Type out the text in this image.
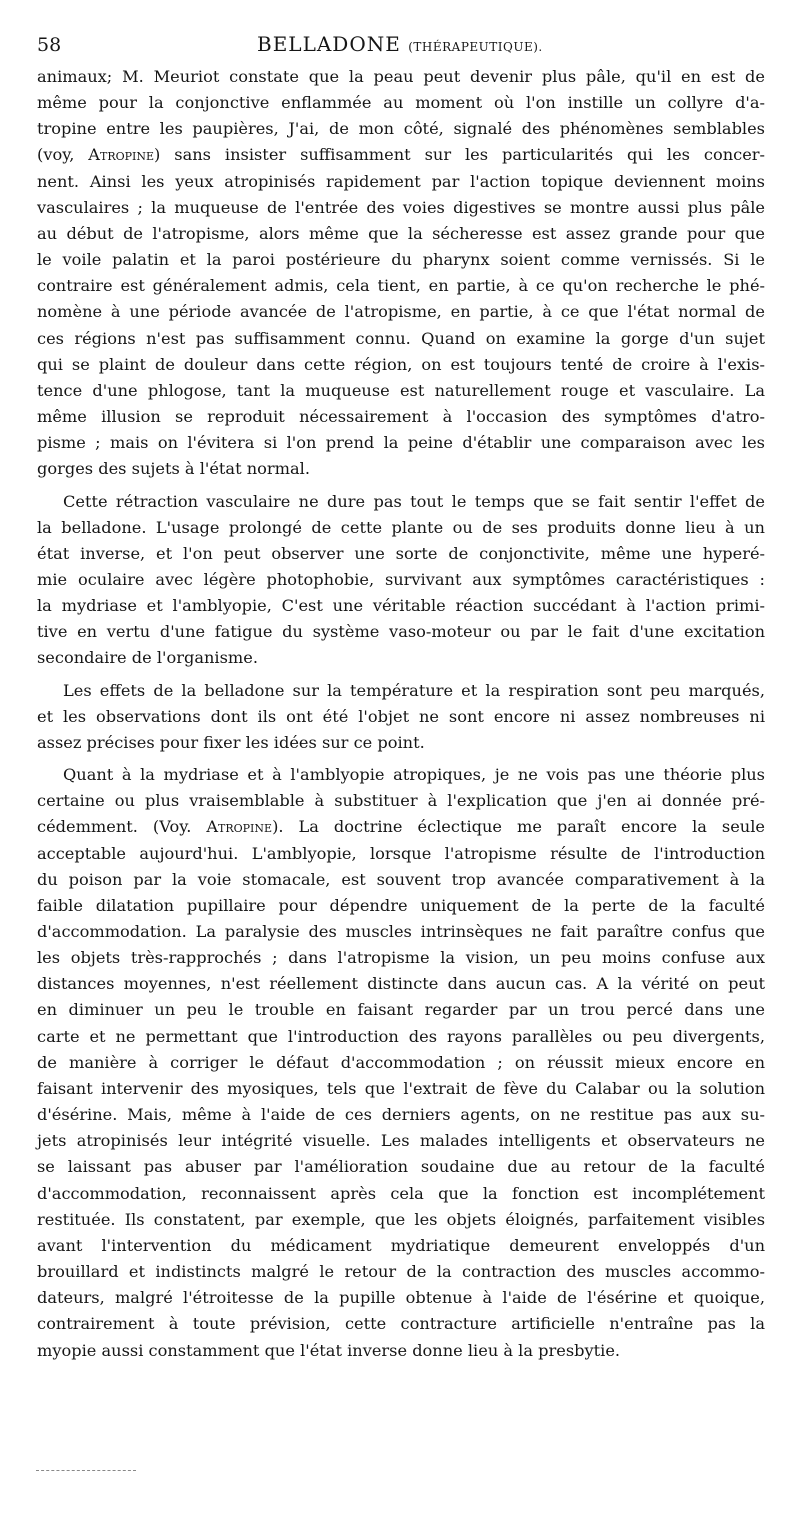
58	BELLADONE (THÉRAPEUTIQUE).
animaux; M. Meuriot constate que la peau peut devenir plus pâle, qu'il en est de
même pour la conjonctive enflammée au moment où l'on instille un collyre d'a-
tropine entre les paupières, J'ai, de mon côté, signalé des phénomènes semblables
(voy, Atropine) sans insister suffisamment sur les particularités qui les concer-
nent. Ainsi les yeux atropinisés rapidement par l'action topique deviennent moins
vasculaires ; la muqueuse de l'entrée des voies digestives se montre aussi plus pâle
au début de l'atropisme, alors même que la sécheresse est assez grande pour que
le voile palatin et la paroi postérieure du pharynx soient comme vernissés. Si le
contraire est généralement admis, cela tient, en partie, à ce qu'on recherche le phé-
nomène à une période avancée de l'atropisme, en partie, à ce que l'état normal de
ces régions n'est pas suffisamment connu. Quand on examine la gorge d'un sujet
qui se plaint de douleur dans cette région, on est toujours tenté de croire à l'exis-
tence d'une phlogose, tant la muqueuse est naturellement rouge et vasculaire. La
même illusion se reproduit nécessairement à l'occasion des symptômes d'atro-
pisme ; mais on l'évitera si l'on prend la peine d'établir une comparaison avec les
gorges des sujets à l'état normal.
Cette rétraction vasculaire ne dure pas tout le temps que se fait sentir l'effet de
la belladone. L'usage prolongé de cette plante ou de ses produits donne lieu à un
état inverse, et l'on peut observer une sorte de conjonctivite, même une hyperé-
mie oculaire avec légère photophobie, survivant aux symptômes caractéristiques :
la mydriase et l'amblyopie, C'est une véritable réaction succédant à l'action primi-
tive en vertu d'une fatigue du système vaso-moteur ou par le fait d'une excitation
secondaire de l'organisme.
Les effets de la belladone sur la température et la respiration sont peu marqués,
et les observations dont ils ont été l'objet ne sont encore ni assez nombreuses ni
assez précises pour fixer les idées sur ce point.
Quant à la mydriase et à l'amblyopie atropiques, je ne vois pas une théorie plus
certaine ou plus vraisemblable à substituer à l'explication que j'en ai donnée pré-
cédemment. (Voy. Atropine). La doctrine éclectique me paraît encore la seule
acceptable aujourd'hui. L'amblyopie, lorsque l'atropisme résulte de l'introduction
du poison par la voie stomacale, est souvent trop avancée comparativement à la
faible dilatation pupillaire pour dépendre uniquement de la perte de la faculté
d'accommodation. La paralysie des muscles intrinsèques ne fait paraître confus que
les objets très-rapprochés ; dans l'atropisme la vision, un peu moins confuse aux
distances moyennes, n'est réellement distincte dans aucun cas. A la vérité on peut
en diminuer un peu le trouble en faisant regarder par un trou percé dans une
carte et ne permettant que l'introduction des rayons parallèles ou peu divergents,
de manière à corriger le défaut d'accommodation ; on réussit mieux encore en
faisant intervenir des myosiques, tels que l'extrait de fève du Calabar ou la solution
d'ésérine. Mais, même à l'aide de ces derniers agents, on ne restitue pas aux su-
jets atropinisés leur intégrité visuelle. Les malades intelligents et observateurs ne
se laissant pas abuser par l'amélioration soudaine due au retour de la faculté
d'accommodation, reconnaissent après cela que la fonction est incomplétement
restituée. Ils constatent, par exemple, que les objets éloignés, parfaitement visibles
avant l'intervention du médicament mydriatique demeurent enveloppés d'un
brouillard et indistincts malgré le retour de la contraction des muscles accommo-
dateurs, malgré l'étroitesse de la pupille obtenue à l'aide de l'ésérine et quoique,
contrairement à toute prévision, cette contracture artificielle n'entraîne pas la
myopie aussi constamment que l'état inverse donne lieu à la presbytie.
